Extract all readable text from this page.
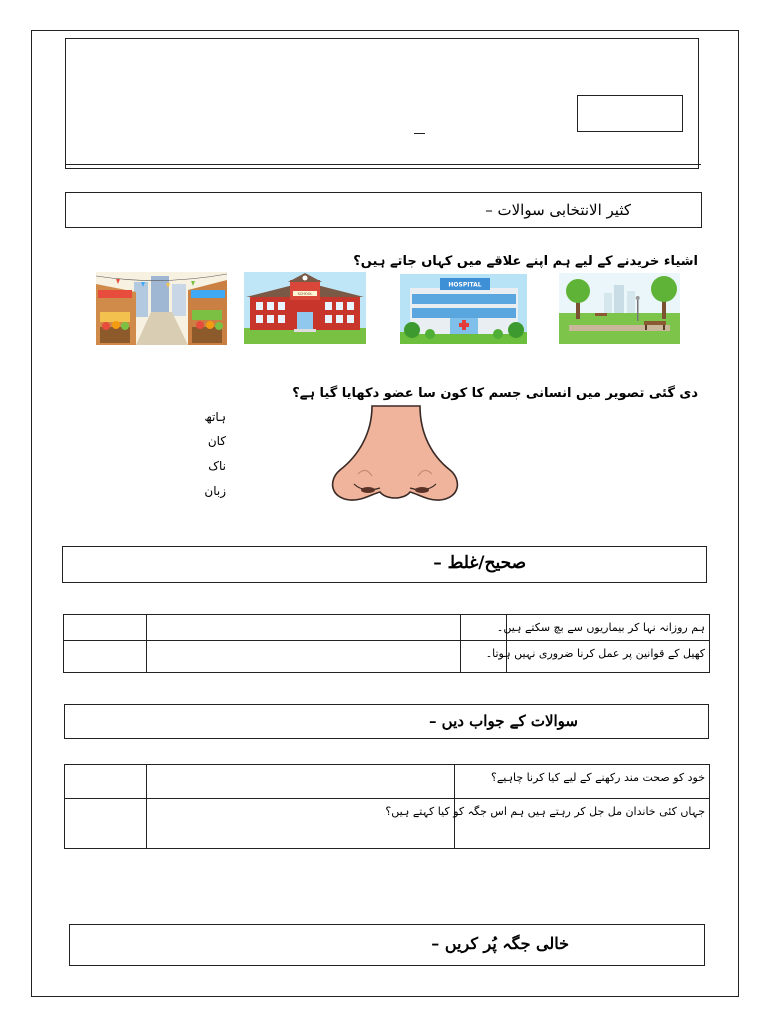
کثیر الانتخابی سوالات –
اشیاء خریدنے کے لیے ہم اپنے علاقے میں کہاں جاتے ہیں؟
SCHOOL
HOSPITAL
دی گئی تصویر میں انسانی جسم کا کون سا عضو دکھایا گیا ہے؟
ہاتھ
کان
ناک
زبان
صحیح/غلط –
			ہم روزانہ نہا کر بیماریوں سے بچ سکتے ہیں۔
			کھیل کے قوانین پر عمل کرنا ضروری نہیں ہوتا۔
سوالات کے جواب دیں –
		خود کو صحت مند رکھنے کے لیے کیا کرنا چاہیے؟
		جہاں کئی خاندان مل جل کر رہتے ہیں ہم اس جگہ کو کیا کہتے ہیں؟
خالی جگہ پُر کریں –
